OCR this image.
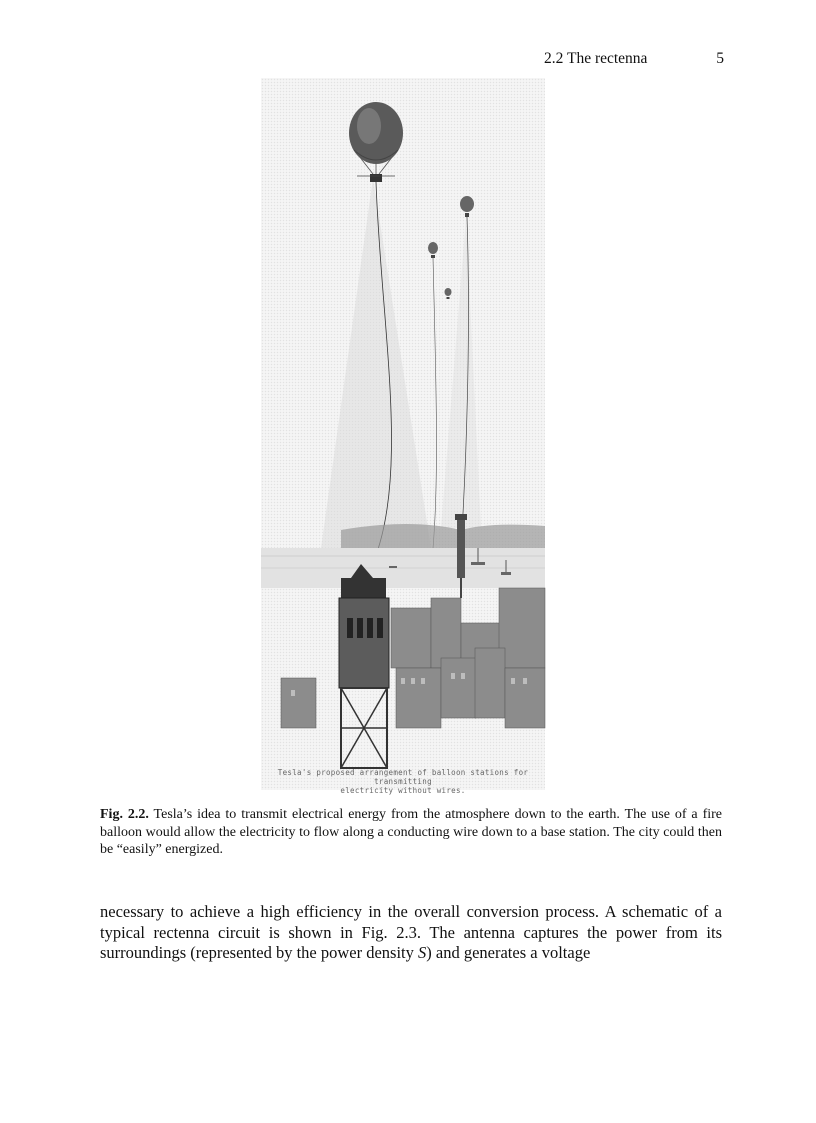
2.2 The rectenna	5
Tesla's proposed arrangement of balloon stations for transmitting
electricity without wires.

Fig. 2.2. Tesla’s idea to transmit electrical energy from the atmosphere down to the earth. The use of a fire balloon would allow the electricity to flow along a conducting wire down to a base station. The city could then be “easily” energized.

necessary to achieve a high efficiency in the overall conversion process. A schematic of a typical rectenna circuit is shown in Fig. 2.3. The antenna captures the power from its surroundings (represented by the power density S) and generates a voltage
